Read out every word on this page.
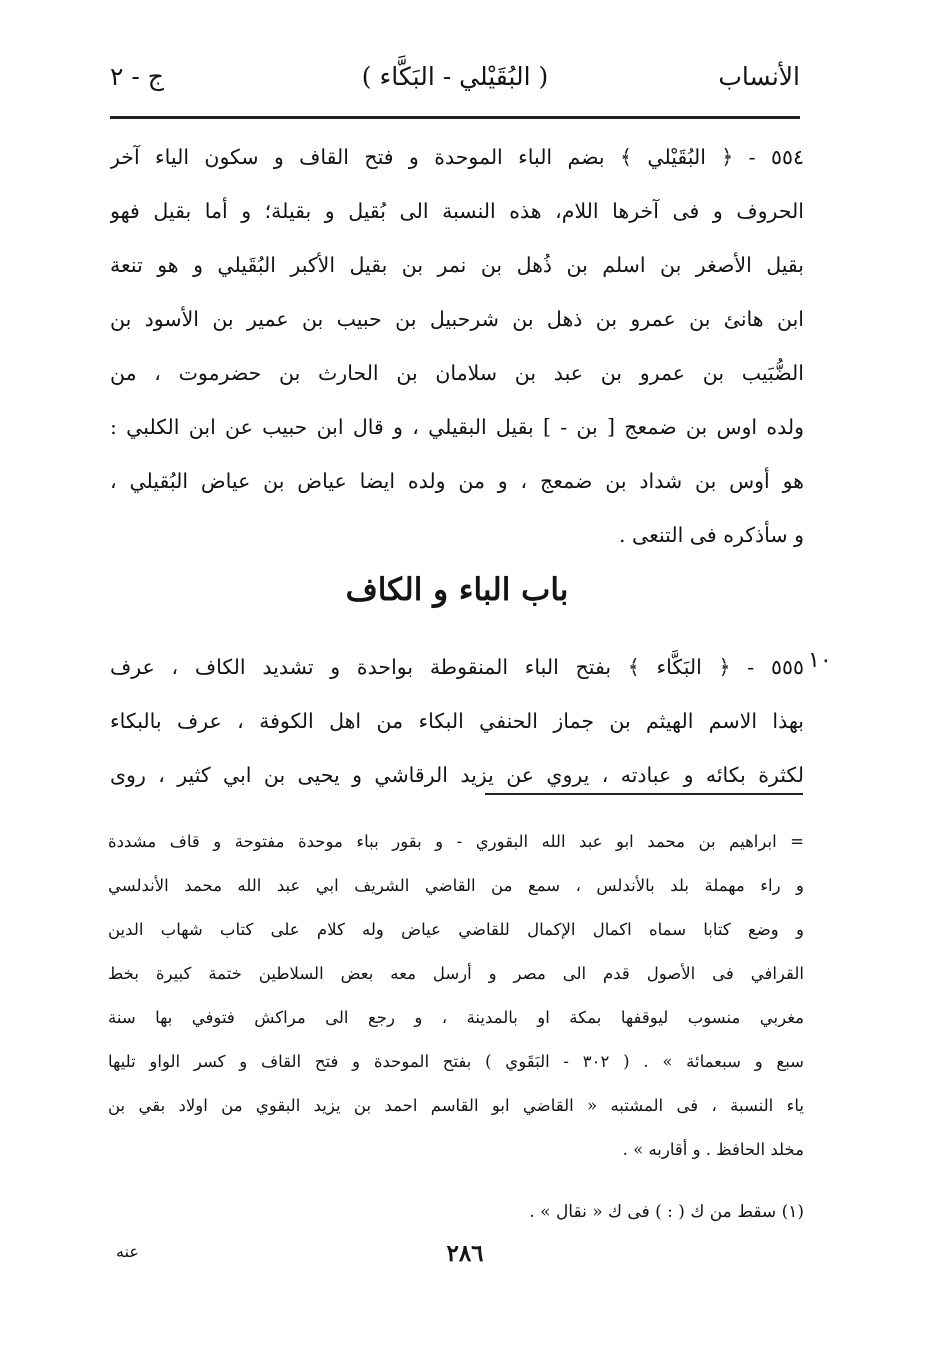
الأنساب
( البُقَيْلي - البَكَّاء )
ج - ٢
٥٥٤ - ﴿ البُقَيْلي ﴾ بضم الباء الموحدة و فتح القاف و سكون الياء آخر
الحروف و فى آخرها اللام، هذه النسبة الى بُقيل و بقيلة؛ و أما بقيل فهو
بقيل الأصغر بن اسلم بن ذُهل بن نمر بن بقيل الأكبر البُقَيلي و هو تنعة
ابن هانئ بن عمرو بن ذهل بن شرحبيل بن حبيب بن عمير بن الأسود بن
الضُّبَيب بن عمرو بن عبد بن سلامان بن الحارث بن حضرموت ، من
ولده اوس بن ضمعج [ بن - ] بقيل البقيلي ، و قال ابن حبيب عن ابن الكلبي :
هو أوس بن شداد بن ضمعج ، و من ولده ايضا عياض بن عياض البُقيلي ،
و سأذكره فى التنعى .
باب الباء و الكاف
١٠
٥٥٥ - ﴿ البَكَّاء ﴾ بفتح الباء المنقوطة بواحدة و تشديد الكاف ، عرف
بهذا الاسم الهيثم بن جماز الحنفي البكاء من اهل الكوفة ، عرف بالبكاء
لكثرة بكائه و عبادته ، يروي عن يزيد الرقاشي و يحيى بن ابي كثير ، روى
= ابراهيم بن محمد ابو عبد الله البقوري - و بقور بباء موحدة مفتوحة و قاف مشددة
و راء مهملة بلد بالأندلس ، سمع من القاضي الشريف ابي عبد الله محمد الأندلسي
و وضع كتابا سماه اكمال الإكمال للقاضي عياض وله كلام على كتاب شهاب الدين
القرافي فى الأصول قدم الى مصر و أرسل معه بعض السلاطين ختمة كبيرة بخط
مغربي منسوب ليوقفها بمكة او بالمدينة ، و رجع الى مراكش فتوفي بها سنة
سبع و سبعمائة » . ( ٣٠٢ - البَقَوي ) بفتح الموحدة و فتح القاف و كسر الواو تليها
ياء النسبة ، فى المشتبه « القاضي ابو القاسم احمد بن يزيد البقوي من اولاد بقي بن
مخلد الحافظ . و أقاربه » .
(١) سقط من ك ( : ) فى ك « نقال » .
٢٨٦
عنه
